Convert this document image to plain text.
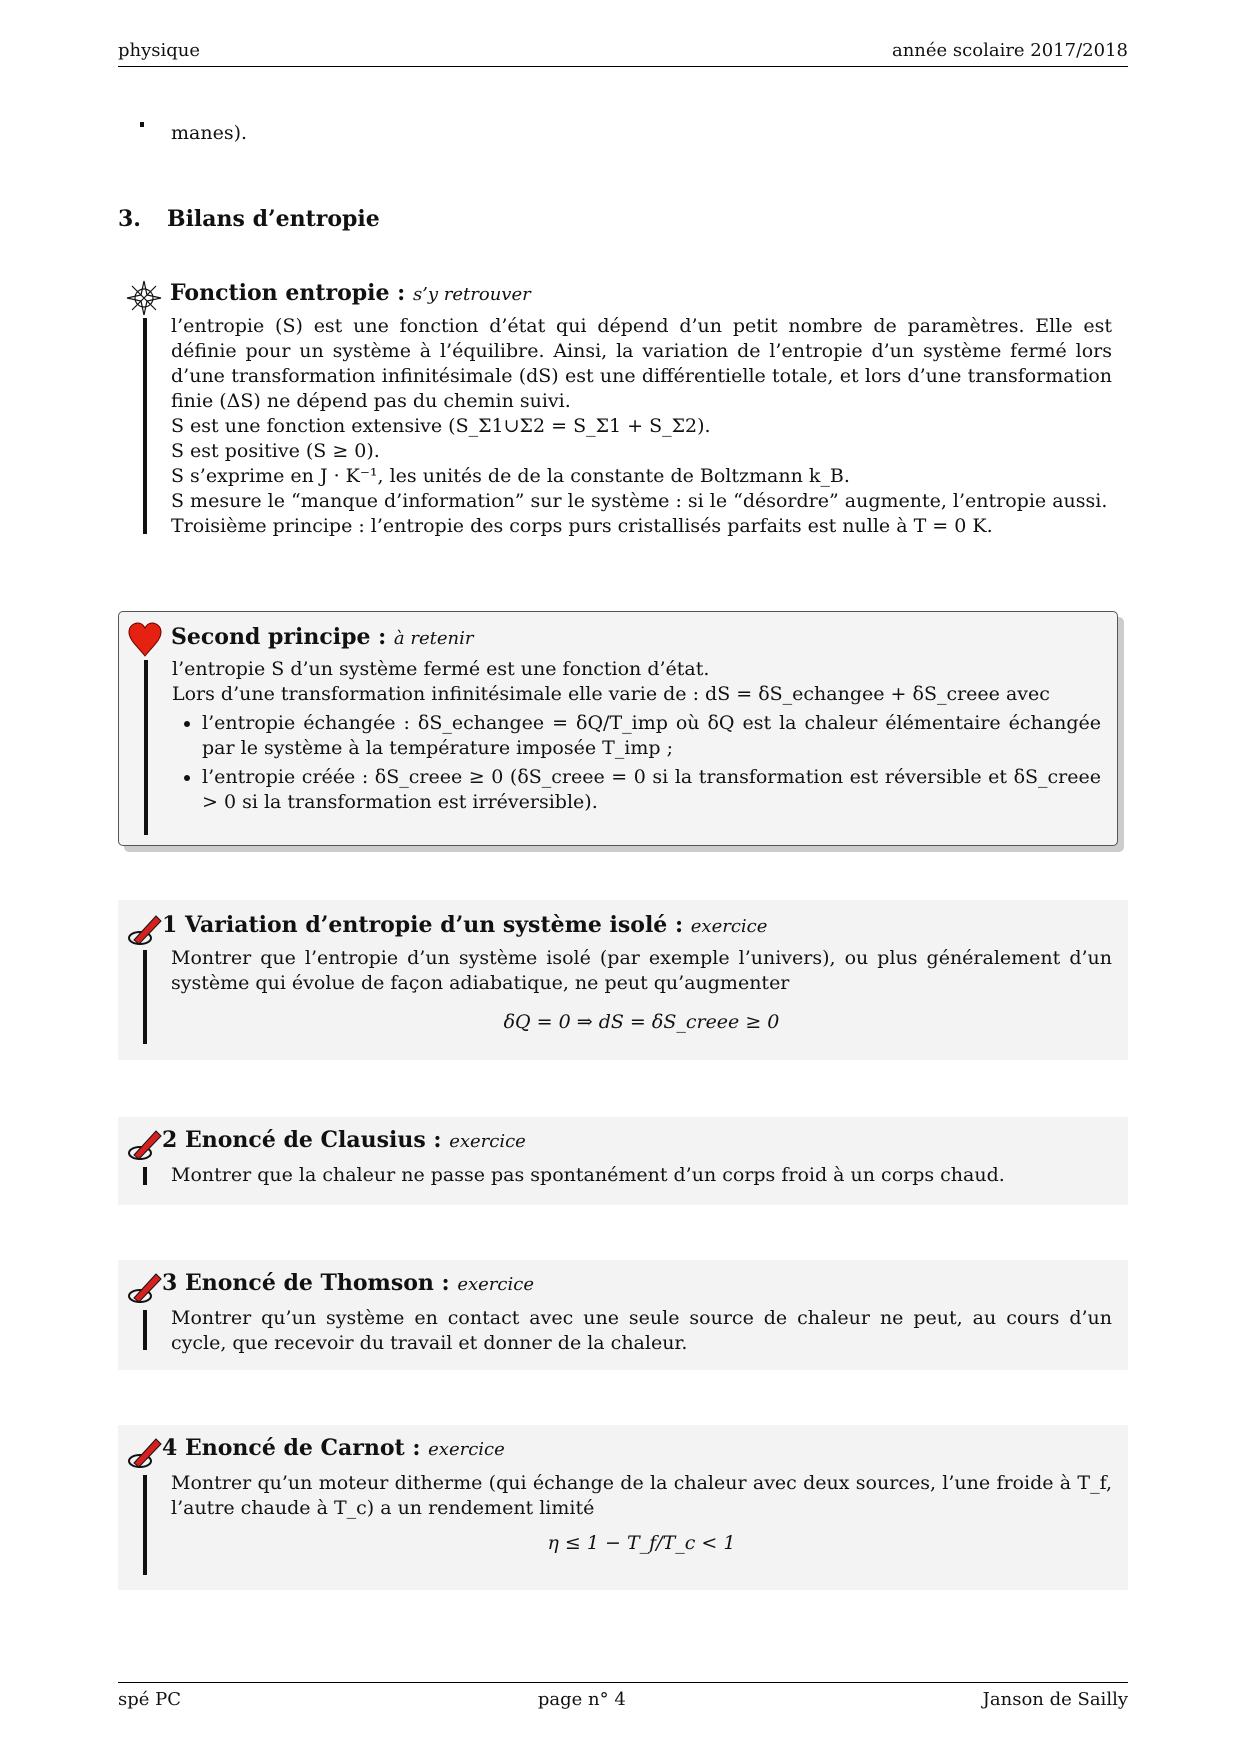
physique	année scolaire 2017/2018
manes).
3. Bilans d’entropie
Fonction entropie : s’y retrouver
l’entropie (S) est une fonction d’état qui dépend d’un petit nombre de paramètres. Elle est définie pour un système à l’équilibre. Ainsi, la variation de l’entropie d’un système fermé lors d’une transformation infinitésimale (dS) est une différentielle totale, et lors d’une transformation finie (ΔS) ne dépend pas du chemin suivi.
S est une fonction extensive (S_Σ1∪Σ2 = S_Σ1 + S_Σ2).
S est positive (S ≥ 0).
S s’exprime en J · K⁻¹, les unités de de la constante de Boltzmann k_B.
S mesure le “manque d’information” sur le système : si le “désordre” augmente, l’entropie aussi.
Troisième principe : l’entropie des corps purs cristallisés parfaits est nulle à T = 0 K.
Second principe : à retenir
l’entropie S d’un système fermé est une fonction d’état.
Lors d’une transformation infinitésimale elle varie de : dS = δS_echangee + δS_creee avec
• l’entropie échangée : δS_echangee = δQ/T_imp où δQ est la chaleur élémentaire échangée par le système à la température imposée T_imp ;
• l’entropie créée : δS_creee ≥ 0 (δS_creee = 0 si la transformation est réversible et δS_creee > 0 si la transformation est irréversible).
1 Variation d’entropie d’un système isolé : exercice
Montrer que l’entropie d’un système isolé (par exemple l’univers), ou plus généralement d’un système qui évolue de façon adiabatique, ne peut qu’augmenter
δQ = 0 ⇒ dS = δS_creee ≥ 0
2 Enoncé de Clausius : exercice
Montrer que la chaleur ne passe pas spontanément d’un corps froid à un corps chaud.
3 Enoncé de Thomson : exercice
Montrer qu’un système en contact avec une seule source de chaleur ne peut, au cours d’un cycle, que recevoir du travail et donner de la chaleur.
4 Enoncé de Carnot : exercice
Montrer qu’un moteur ditherme (qui échange de la chaleur avec deux sources, l’une froide à T_f, l’autre chaude à T_c) a un rendement limité
η ≤ 1 − T_f/T_c < 1
spé PC	page n° 4	Janson de Sailly
